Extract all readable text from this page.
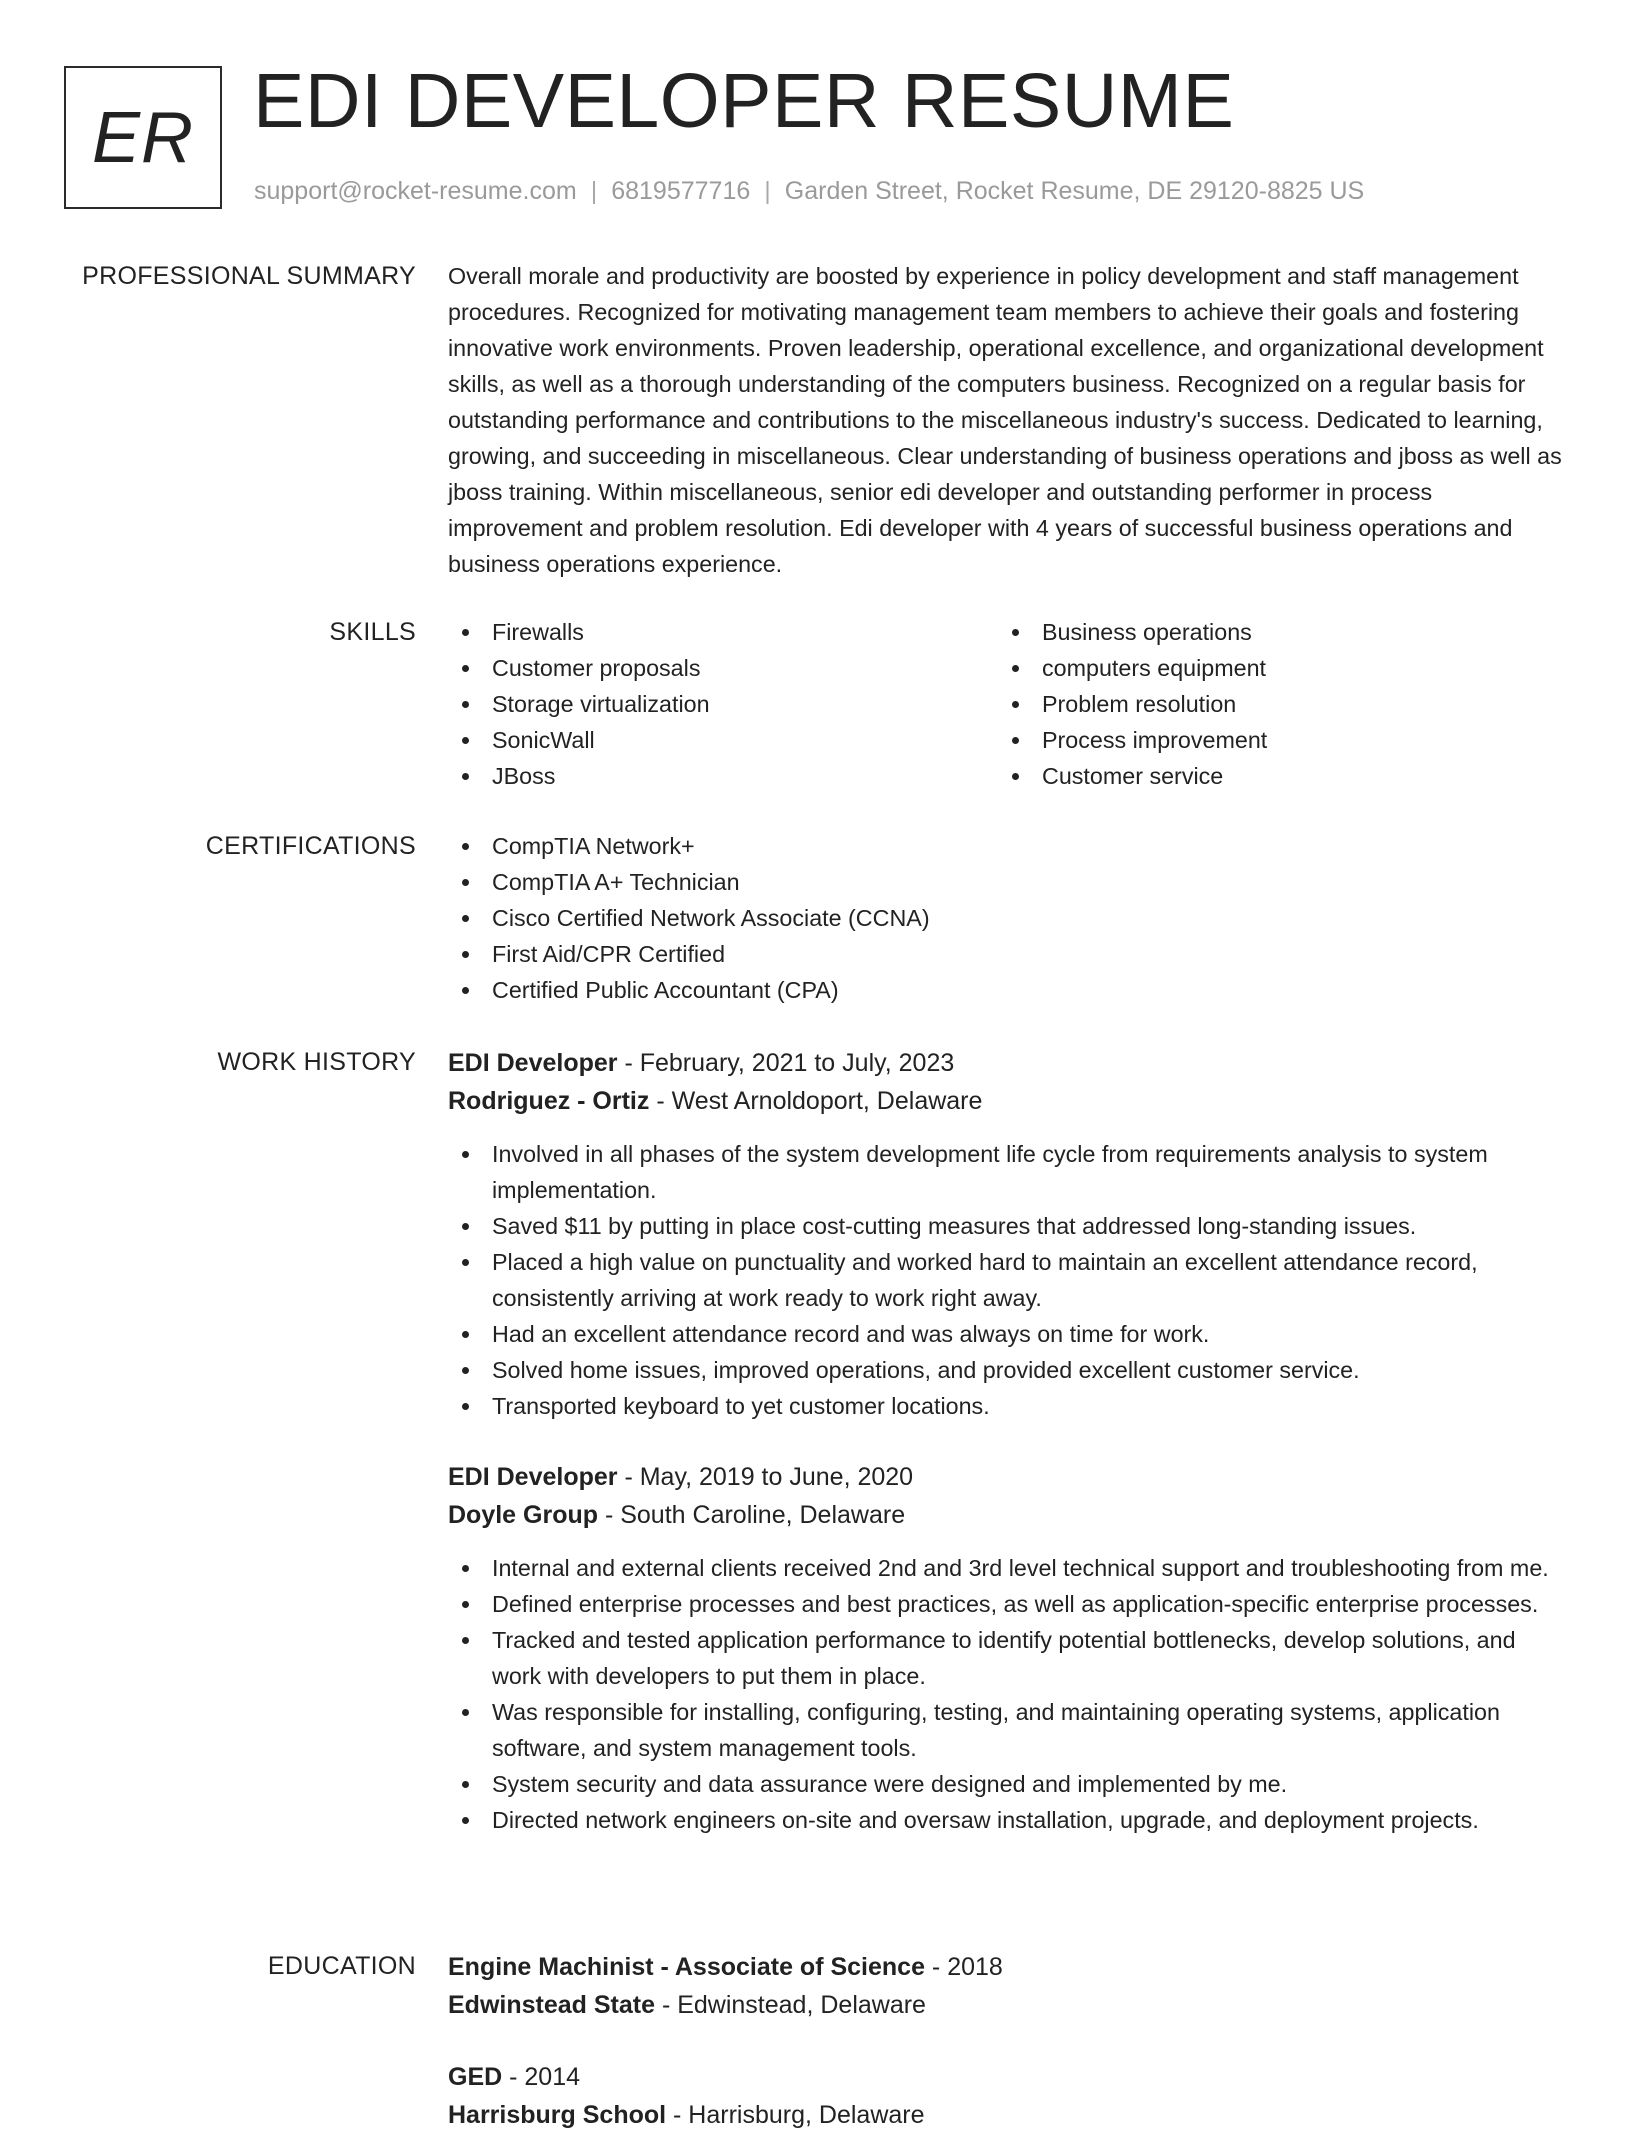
ER EDI DEVELOPER RESUME
support@rocket-resume.com | 6819577716 | Garden Street, Rocket Resume, DE 29120-8825 US
PROFESSIONAL SUMMARY Overall morale and productivity are boosted by experience in policy development and staff management procedures. Recognized for motivating management team members to achieve their goals and fostering innovative work environments. Proven leadership, operational excellence, and organizational development skills, as well as a thorough understanding of the computers business. Recognized on a regular basis for outstanding performance and contributions to the miscellaneous industry's success. Dedicated to learning, growing, and succeeding in miscellaneous. Clear understanding of business operations and jboss as well as jboss training. Within miscellaneous, senior edi developer and outstanding performer in process improvement and problem resolution. Edi developer with 4 years of successful business operations and business operations experience.

SKILLS	Firewalls
Customer proposals
Storage virtualization
SonicWall
JBoss
Business operations
computers equipment
Problem resolution
Process improvement
Customer service
CERTIFICATIONS	CompTIA Network+
CompTIA A+ Technician
Cisco Certified Network Associate (CCNA)
First Aid/CPR Certified
Certified Public Accountant (CPA)
WORK HISTORY EDI Developer - February, 2021 to July, 2023
Rodriguez - Ortiz - West Arnoldoport, Delaware
Involved in all phases of the system development life cycle from requirements analysis to system implementation.
Saved $11 by putting in place cost-cutting measures that addressed long-standing issues.
Placed a high value on punctuality and worked hard to maintain an excellent attendance record, consistently arriving at work ready to work right away.
Had an excellent attendance record and was always on time for work.
Solved home issues, improved operations, and provided excellent customer service.
Transported keyboard to yet customer locations.
EDI Developer - May, 2019 to June, 2020
Doyle Group - South Caroline, Delaware
Internal and external clients received 2nd and 3rd level technical support and troubleshooting from me.
Defined enterprise processes and best practices, as well as application-specific enterprise processes.
Tracked and tested application performance to identify potential bottlenecks, develop solutions, and work with developers to put them in place.
Was responsible for installing, configuring, testing, and maintaining operating systems, application software, and system management tools.
System security and data assurance were designed and implemented by me.
Directed network engineers on-site and oversaw installation, upgrade, and deployment projects.
EDUCATION Engine Machinist - Associate of Science - 2018
Edwinstead State - Edwinstead, Delaware
GED - 2014
Harrisburg School - Harrisburg, Delaware
